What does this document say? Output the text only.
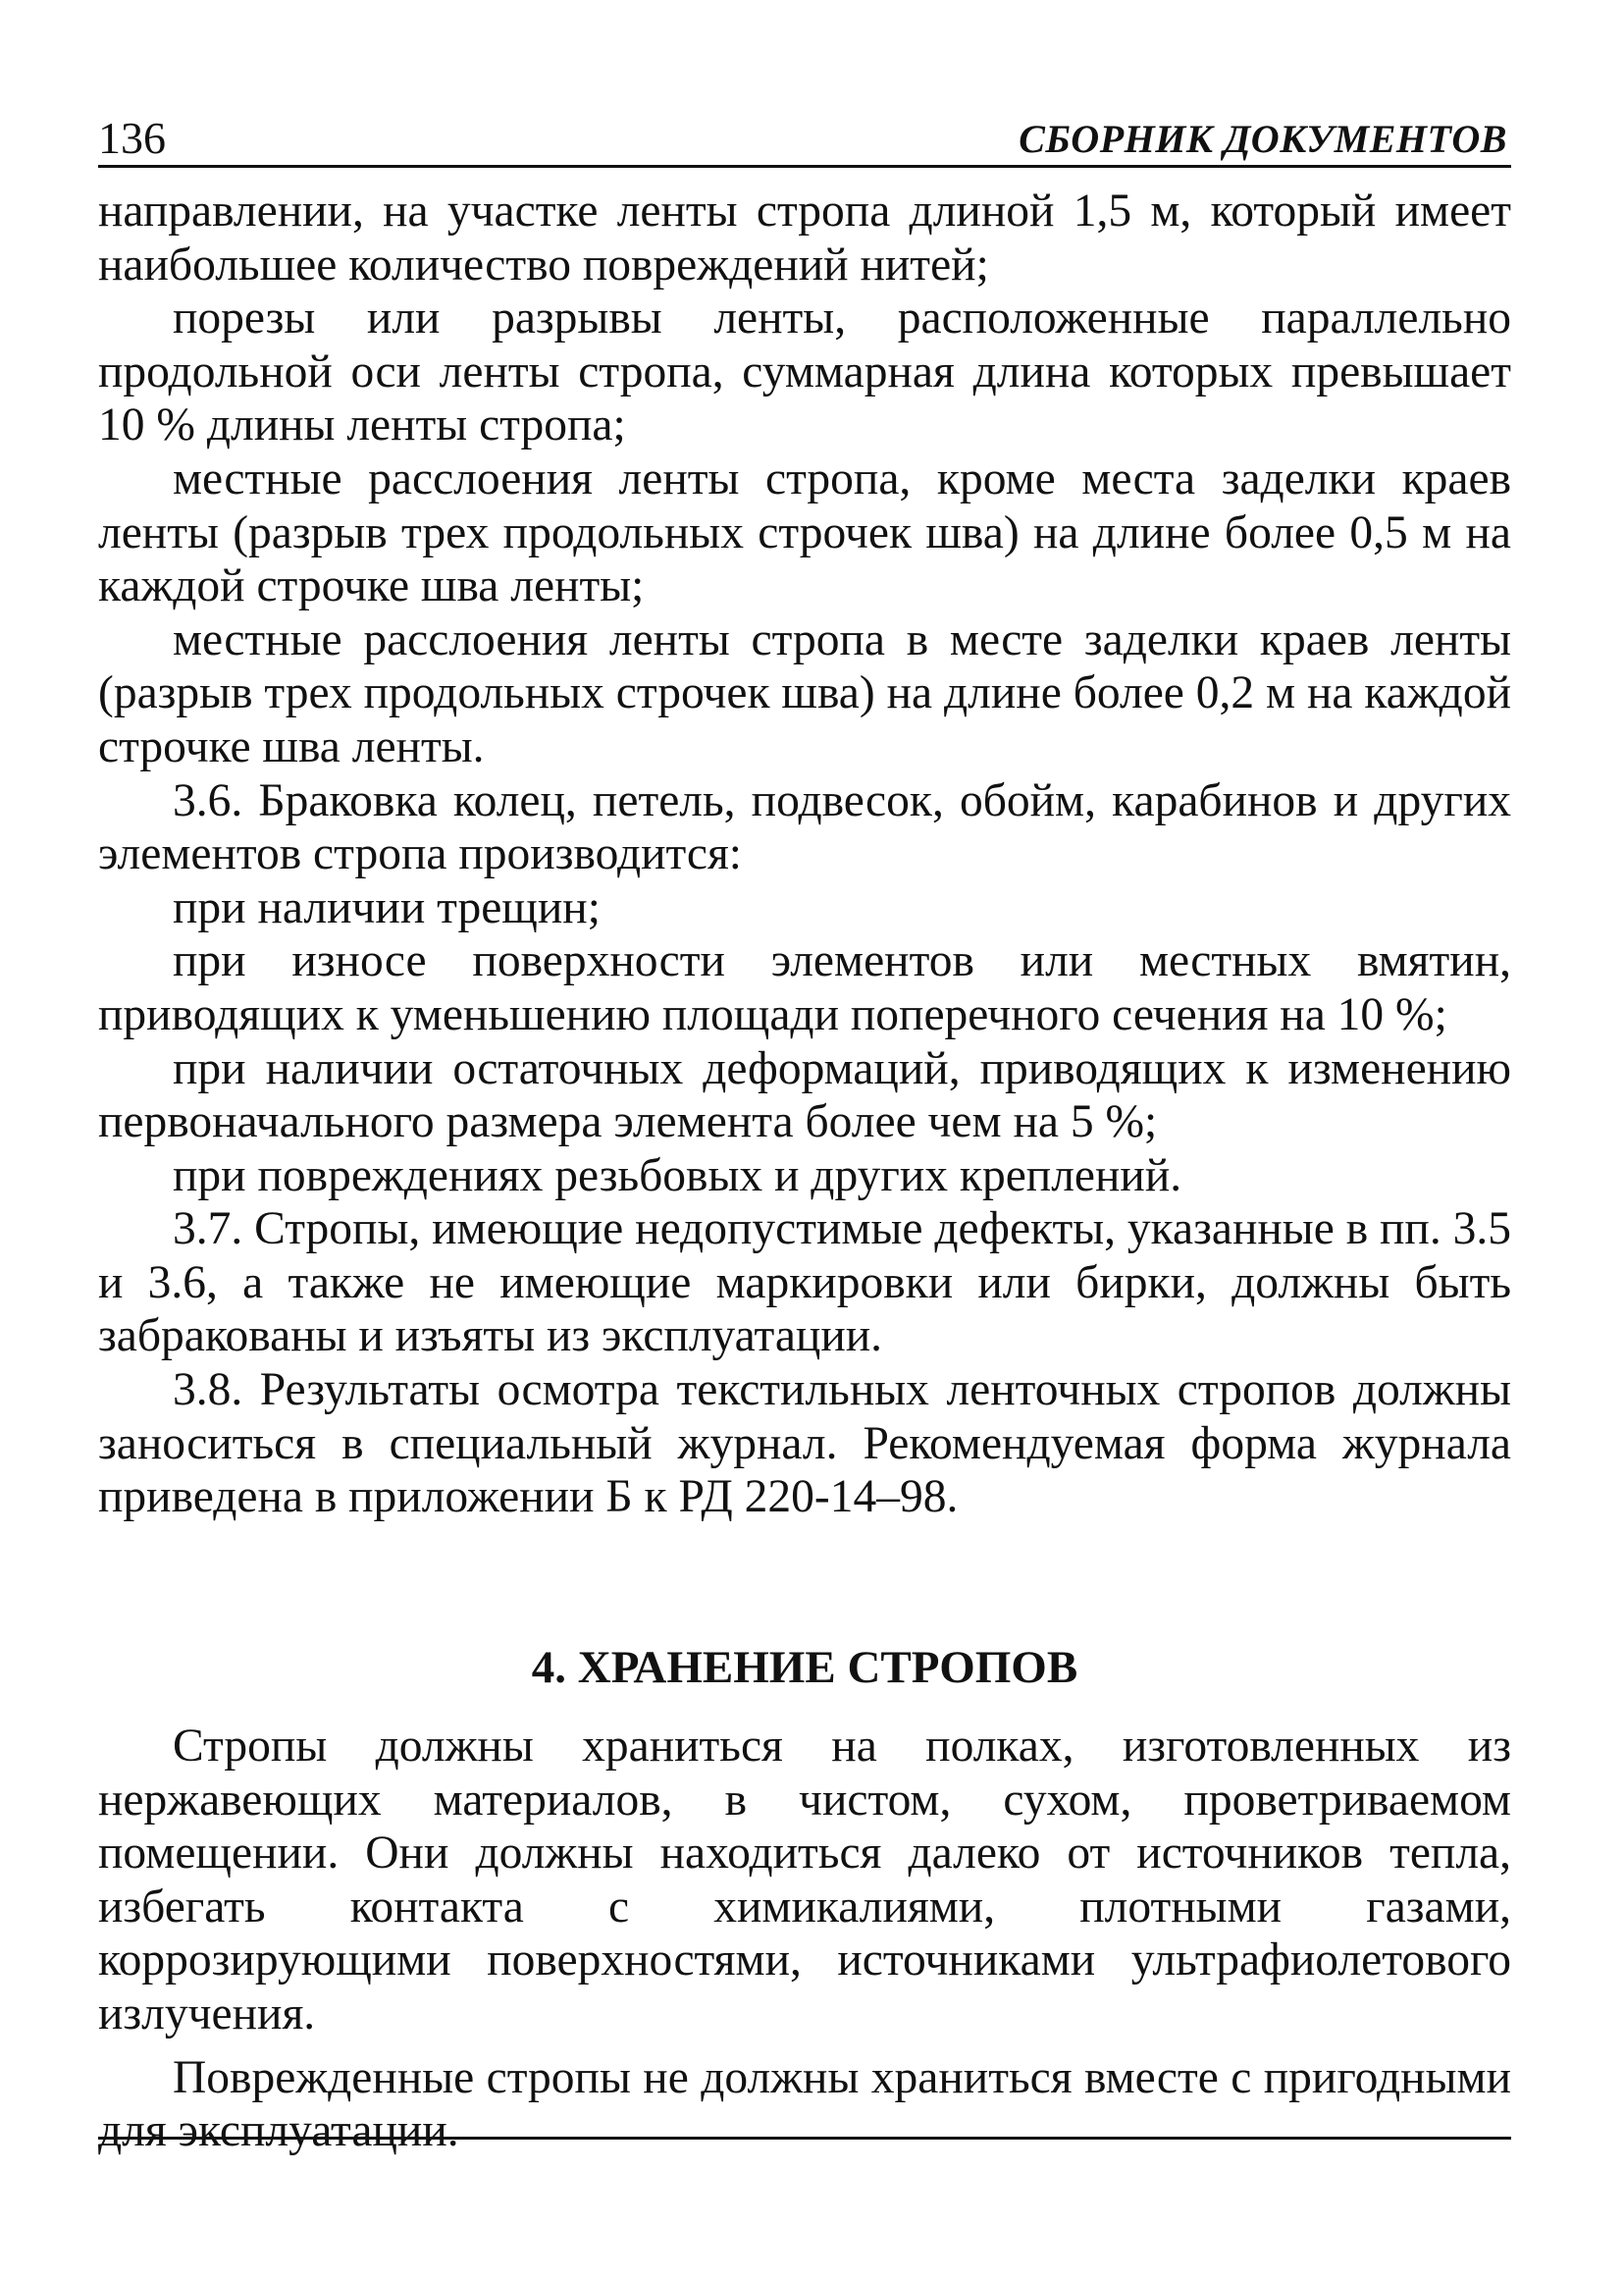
136	СБОРНИК ДОКУМЕНТОВ

направлении, на участке ленты стропа длиной 1,5 м, который имеет наибольшее количество повреждений нитей;

порезы или разрывы ленты, расположенные параллельно продольной оси ленты стропа, суммарная длина которых превышает 10 % длины ленты стропа;

местные расслоения ленты стропа, кроме места заделки краев ленты (разрыв трех продольных строчек шва) на длине более 0,5 м на каждой строчке шва ленты;

местные расслоения ленты стропа в месте заделки краев ленты (разрыв трех продольных строчек шва) на длине более 0,2 м на каждой строчке шва ленты.

3.6. Браковка колец, петель, подвесок, обойм, карабинов и других элементов стропа производится:

при наличии трещин;

при износе поверхности элементов или местных вмятин, приводящих к уменьшению площади поперечного сечения на 10 %;

при наличии остаточных деформаций, приводящих к изменению первоначального размера элемента более чем на 5 %;

при повреждениях резьбовых и других креплений.

3.7. Стропы, имеющие недопустимые дефекты, указанные в пп. 3.5 и 3.6, а также не имеющие маркировки или бирки, должны быть забракованы и изъяты из эксплуатации.

3.8. Результаты осмотра текстильных ленточных стропов должны заноситься в специальный журнал. Рекомендуемая форма журнала приведена в приложении Б к РД 220-14–98.

4. ХРАНЕНИЕ СТРОПОВ

Стропы должны храниться на полках, изготовленных из нержавеющих материалов, в чистом, сухом, проветриваемом помещении. Они должны находиться далеко от источников тепла, избегать контакта с химикалиями, плотными газами, коррозирующими поверхностями, источниками ультрафиолетового излучения.

Поврежденные стропы не должны храниться вместе с пригодными для эксплуатации.
